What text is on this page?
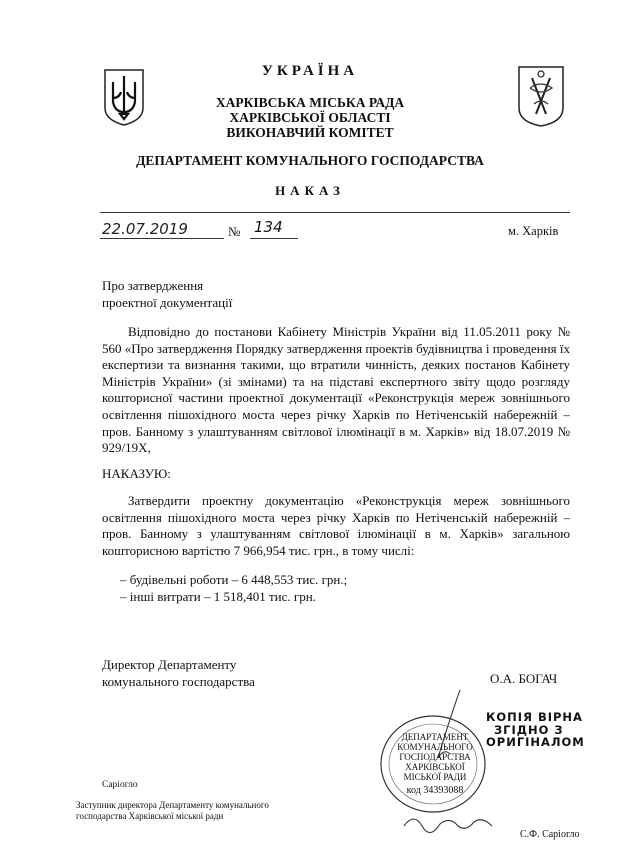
УКРАЇНА
ХАРКІВСЬКА МІСЬКА РАДА
ХАРКІВСЬКОЇ ОБЛАСТІ
ВИКОНАВЧИЙ КОМІТЕТ
ДЕПАРТАМЕНТ КОМУНАЛЬНОГО ГОСПОДАРСТВА
НАКАЗ
22.07.2019	№ 134	м. Харків
Про затвердження
проектної документації
Відповідно до постанови Кабінету Міністрів України від 11.05.2011 року № 560 «Про затвердження Порядку затвердження проектів будівництва і проведення їх експертизи та визнання такими, що втратили чинність, деяких постанов Кабінету Міністрів України» (зі змінами) та на підставі експертного звіту щодо розгляду кошторисної частини проектної документації «Реконструкція мереж зовнішнього освітлення пішохідного моста через річку Харків по Нетіченській набережній – пров. Банному з улаштуванням світлової ілюмінації в м. Харків» від 18.07.2019 № 929/19Х,
НАКАЗУЮ:
Затвердити проектну документацію «Реконструкція мереж зовнішнього освітлення пішохідного моста через річку Харків по Нетіченській набережній – пров. Банному з улаштуванням світлової ілюмінації в м. Харків» загальною кошторисною вартістю 7 966,954 тис. грн., в тому числі:
– будівельні роботи – 6 448,553 тис. грн.;
– інші витрати – 1 518,401 тис. грн.
Директор Департаменту
комунального господарства	О.А. БОГАЧ
ДЕПАРТАМЕНТ
КОМУНАЛЬНОГО
ГОСПОДАРСТВА
ХАРКІВСЬКОЇ
МІСЬКОЇ РАДИ
код 34393088
КОПІЯ ВІРНА
ЗГІДНО З
ОРИГІНАЛОМ
Саріогло
Заступник директора Департаменту комунального
господарства Харківської міської ради
С.Ф. Саріогло
